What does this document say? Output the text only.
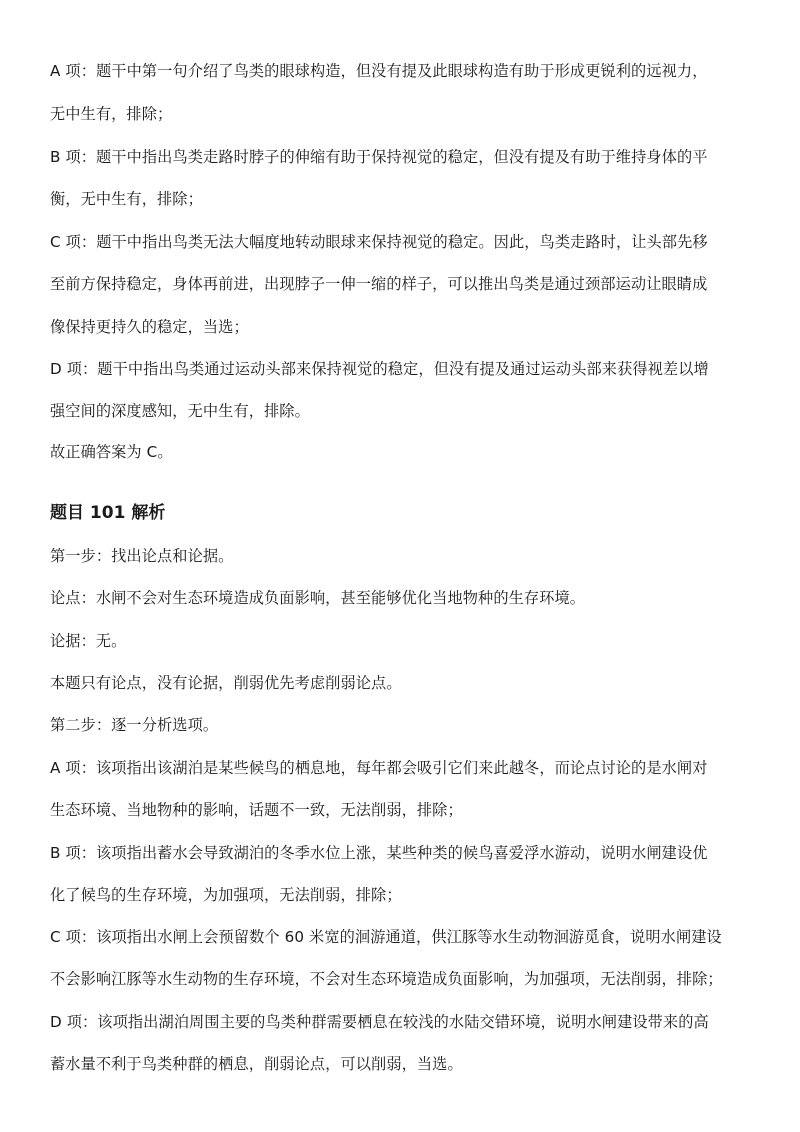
A 项：题干中第一句介绍了鸟类的眼球构造，但没有提及此眼球构造有助于形成更锐利的远视力，
无中生有，排除；
B 项：题干中指出鸟类走路时脖子的伸缩有助于保持视觉的稳定，但没有提及有助于维持身体的平
衡，无中生有，排除；
C 项：题干中指出鸟类无法大幅度地转动眼球来保持视觉的稳定。因此，鸟类走路时，让头部先移
至前方保持稳定，身体再前进，出现脖子一伸一缩的样子，可以推出鸟类是通过颈部运动让眼睛成
像保持更持久的稳定，当选；
D 项：题干中指出鸟类通过运动头部来保持视觉的稳定，但没有提及通过运动头部来获得视差以增
强空间的深度感知，无中生有，排除。
故正确答案为 C。
题目 101 解析
第一步：找出论点和论据。
论点：水闸不会对生态环境造成负面影响，甚至能够优化当地物种的生存环境。
论据：无。
本题只有论点，没有论据，削弱优先考虑削弱论点。
第二步：逐一分析选项。
A 项：该项指出该湖泊是某些候鸟的栖息地，每年都会吸引它们来此越冬，而论点讨论的是水闸对
生态环境、当地物种的影响，话题不一致，无法削弱，排除；
B 项：该项指出蓄水会导致湖泊的冬季水位上涨，某些种类的候鸟喜爱浮水游动，说明水闸建设优
化了候鸟的生存环境，为加强项，无法削弱，排除；
C 项：该项指出水闸上会预留数个 60 米宽的洄游通道，供江豚等水生动物洄游觅食，说明水闸建设
不会影响江豚等水生动物的生存环境，不会对生态环境造成负面影响，为加强项，无法削弱，排除；
D 项：该项指出湖泊周围主要的鸟类种群需要栖息在较浅的水陆交错环境，说明水闸建设带来的高
蓄水量不利于鸟类种群的栖息，削弱论点，可以削弱，当选。
